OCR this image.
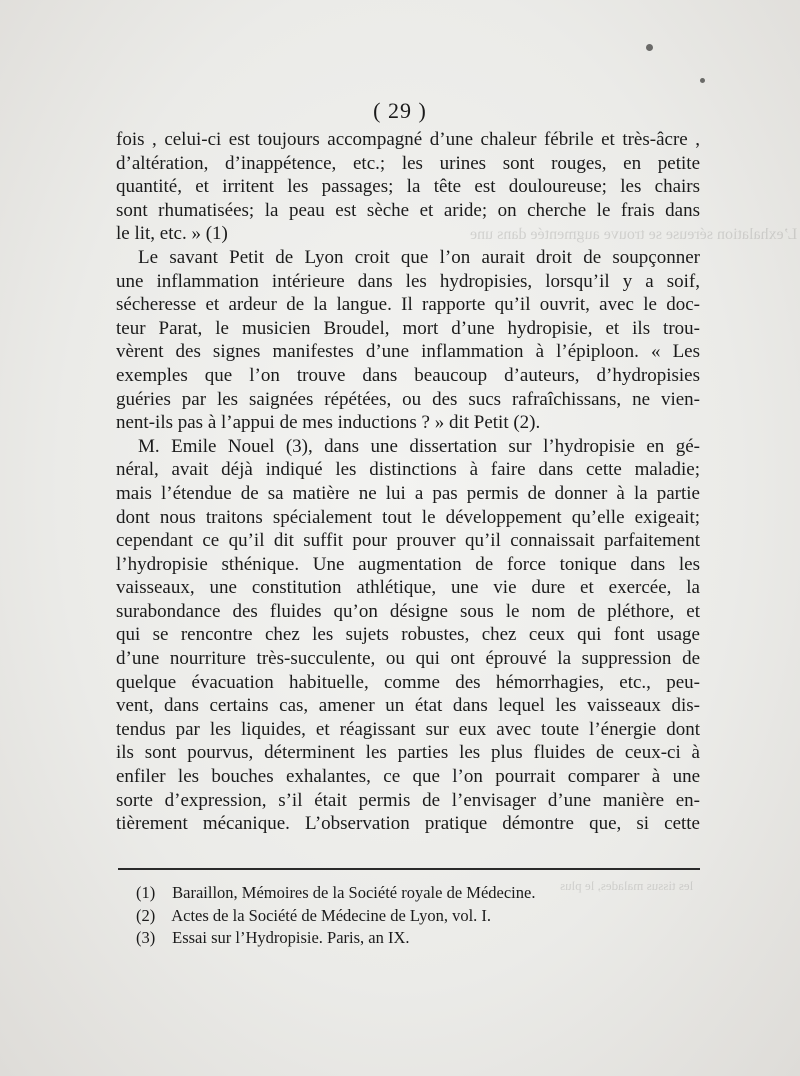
L’exhalation séreuse se trouve augmentée dans une
les tissus malades, le plus
( 29 )
fois , celui-ci est toujours accompagné d’une chaleur fébrile et très-âcre ,
d’altération, d’inappétence, etc.; les urines sont rouges, en petite
quantité, et irritent les passages; la tête est douloureuse; les chairs
sont rhumatisées; la peau est sèche et aride; on cherche le frais dans
le lit, etc. » (1)
Le savant Petit de Lyon croit que l’on aurait droit de soupçonner
une inflammation intérieure dans les hydropisies, lorsqu’il y a soif,
sécheresse et ardeur de la langue. Il rapporte qu’il ouvrit, avec le doc-
teur Parat, le musicien Broudel, mort d’une hydropisie, et ils trou-
vèrent des signes manifestes d’une inflammation à l’épiploon. « Les
exemples que l’on trouve dans beaucoup d’auteurs, d’hydropisies
guéries par les saignées répétées, ou des sucs rafraîchissans, ne vien-
nent-ils pas à l’appui de mes inductions ? » dit Petit (2).
M. Emile Nouel (3), dans une dissertation sur l’hydropisie en gé-
néral, avait déjà indiqué les distinctions à faire dans cette maladie;
mais l’étendue de sa matière ne lui a pas permis de donner à la partie
dont nous traitons spécialement tout le développement qu’elle exigeait;
cependant ce qu’il dit suffit pour prouver qu’il connaissait parfaitement
l’hydropisie sthénique. Une augmentation de force tonique dans les
vaisseaux, une constitution athlétique, une vie dure et exercée, la
surabondance des fluides qu’on désigne sous le nom de pléthore, et
qui se rencontre chez les sujets robustes, chez ceux qui font usage
d’une nourriture très-succulente, ou qui ont éprouvé la suppression de
quelque évacuation habituelle, comme des hémorrhagies, etc., peu-
vent, dans certains cas, amener un état dans lequel les vaisseaux dis-
tendus par les liquides, et réagissant sur eux avec toute l’énergie dont
ils sont pourvus, déterminent les parties les plus fluides de ceux-ci à
enfiler les bouches exhalantes, ce que l’on pourrait comparer à une
sorte d’expression, s’il était permis de l’envisager d’une manière en-
tièrement mécanique. L’observation pratique démontre que, si cette
(1) Baraillon, Mémoires de la Société royale de Médecine.
(2) Actes de la Société de Médecine de Lyon, vol. I.
(3) Essai sur l’Hydropisie. Paris, an IX.
